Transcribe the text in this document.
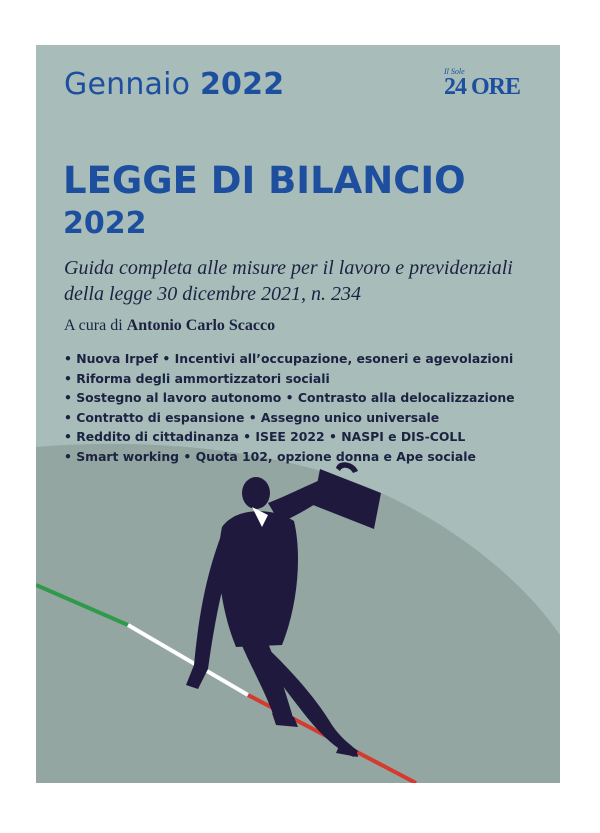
Gennaio 2022	Il Sole
24 ORE
LEGGE DI BILANCIO
2022
Guida completa alle misure per il lavoro e previdenziali della legge 30 dicembre 2021, n. 234
A cura di Antonio Carlo Scacco
• Nuova Irpef • Incentivi all’occupazione, esoneri e agevolazioni • Riforma degli ammortizzatori sociali • Sostegno al lavoro autonomo • Contrasto alla delocalizzazione • Contratto di espansione • Assegno unico universale • Reddito di cittadinanza • ISEE 2022 • NASPI e DIS-COLL • Smart working • Quota 102, opzione donna e Ape sociale
